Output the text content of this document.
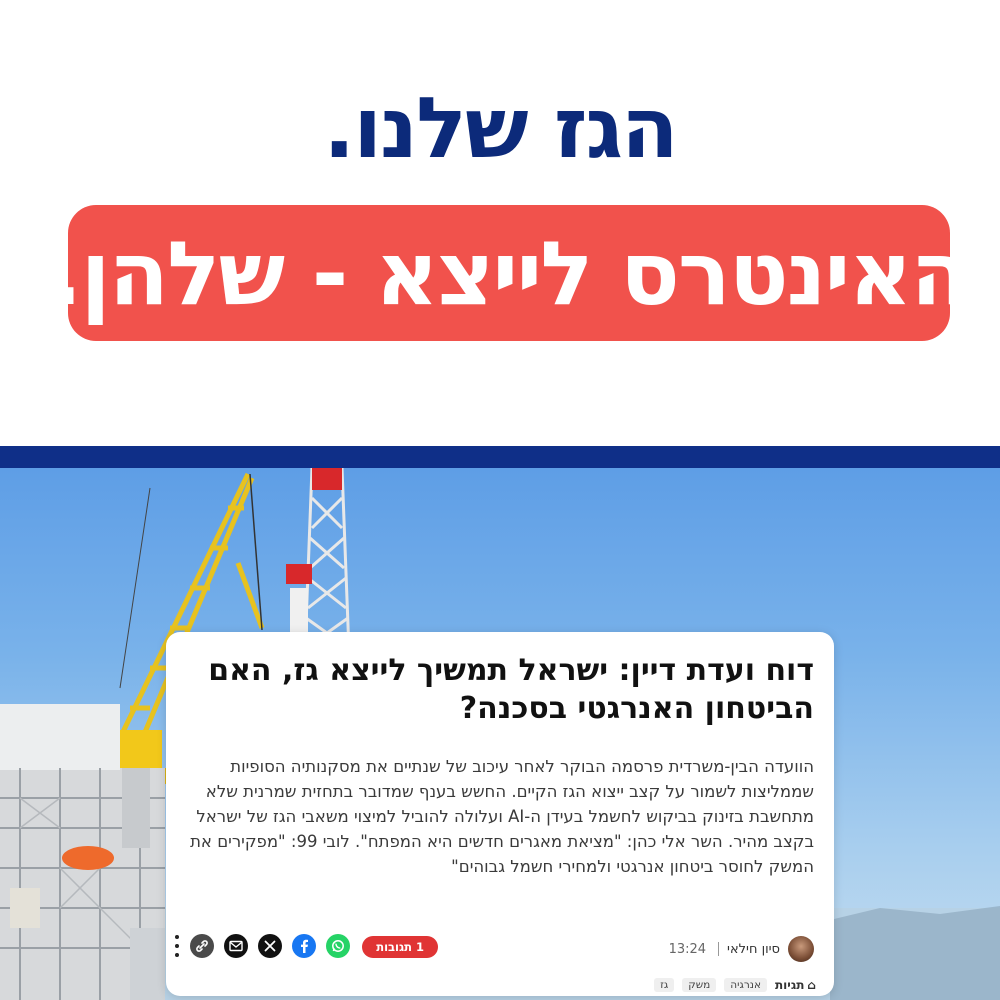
הגז שלנו.
האינטרס לייצא - שלהן.
דוח ועדת דיין: ישראל תמשיך לייצא גז, האם הביטחון האנרגטי בסכנה?
הוועדה הבין-משרדית פרסמה הבוקר לאחר עיכוב של שנתיים את מסקנותיה הסופיות שממליצות לשמור על קצב ייצוא הגז הקיים. החשש בענף שמדובר בתחזית שמרנית שלא מתחשבת בזינוק בביקוש לחשמל בעידן ה-AI ועלולה להוביל למיצוי משאבי הגז של ישראל בקצב מהיר. השר אלי כהן: "מציאת מאגרים חדשים היא המפתח". לובי 99: "מפקירים את המשק לחוסר ביטחון אנרגטי ולמחירי חשמל גבוהים"
סיון חילאי
13:24
1 תגובות
⌂
תגיות
אנרגיה
משק
גז
